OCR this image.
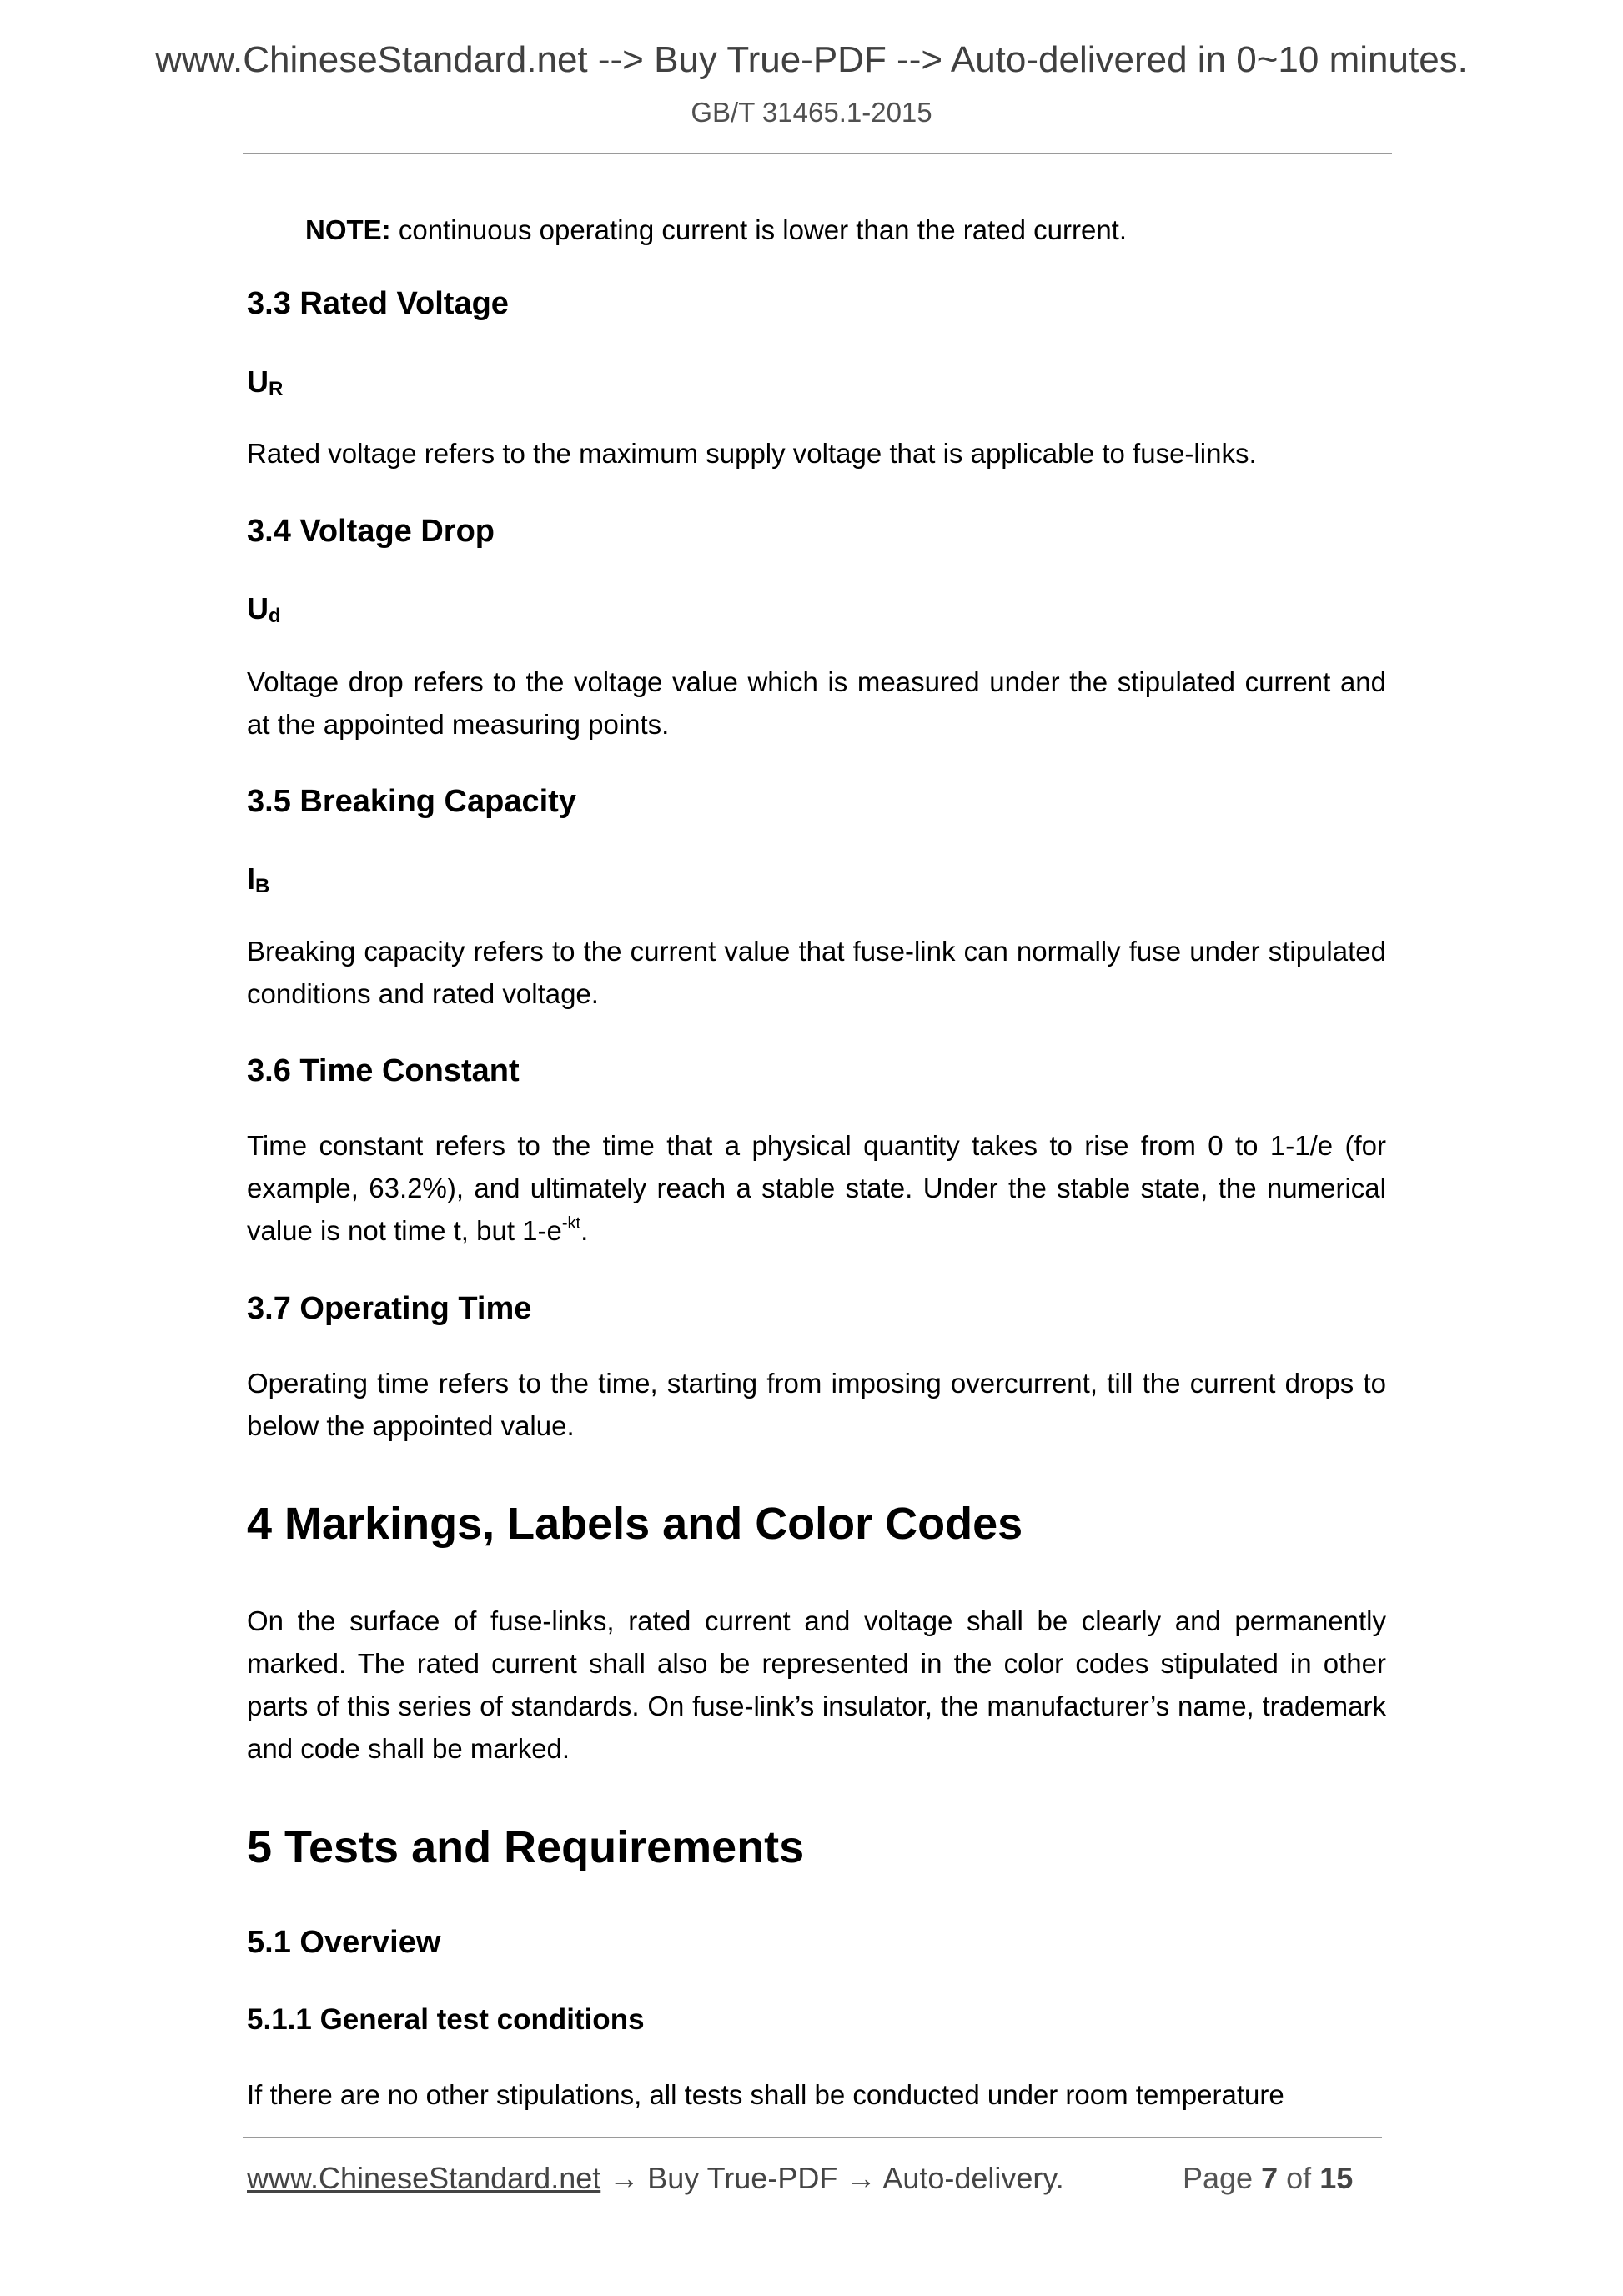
www.ChineseStandard.net --> Buy True-PDF --> Auto-delivered in 0~10 minutes.
GB/T 31465.1-2015
NOTE: continuous operating current is lower than the rated current.
3.3 Rated Voltage
$U_R$
Rated voltage refers to the maximum supply voltage that is applicable to fuse-links.
3.4 Voltage Drop
$U_d$
Voltage drop refers to the voltage value which is measured under the stipulated current and at the appointed measuring points.
3.5 Breaking Capacity
$I_B$
Breaking capacity refers to the current value that fuse-link can normally fuse under stipulated conditions and rated voltage.
3.6 Time Constant
Time constant refers to the time that a physical quantity takes to rise from 0 to 1-1/e (for example, 63.2%), and ultimately reach a stable state. Under the stable state, the numerical value is not time t, but $1-e^{-kt}$.
3.7 Operating Time
Operating time refers to the time, starting from imposing overcurrent, till the current drops to below the appointed value.
4 Markings, Labels and Color Codes
On the surface of fuse-links, rated current and voltage shall be clearly and permanently marked. The rated current shall also be represented in the color codes stipulated in other parts of this series of standards. On fuse-link’s insulator, the manufacturer’s name, trademark and code shall be marked.
5 Tests and Requirements
5.1 Overview
5.1.1 General test conditions
If there are no other stipulations, all tests shall be conducted under room temperature
www.ChineseStandard.net → Buy True-PDF → Auto-delivery.	Page 7 of 15
